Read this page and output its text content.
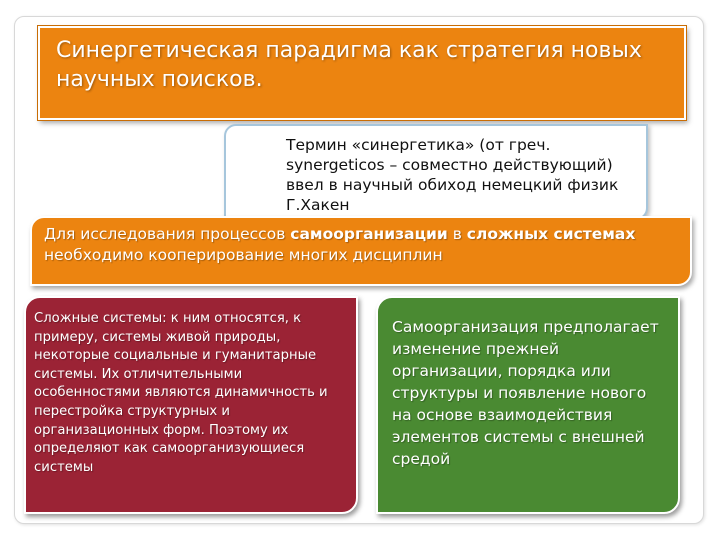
Синергетическая парадигма как стратегия новых научных поисков.

Термин «синергетика» (от греч. synergeticos – совместно действующий) ввел в научный обиход немецкий физик Г.Хакен

Для исследования процессов самоорганизации в сложных системах необходимо кооперирование многих дисциплин

Сложные системы: к ним относятся, к примеру, системы живой природы, некоторые социальные и гуманитарные системы. Их отличительными особенностями являются динамичность и перестройка структурных и организационных форм. Поэтому их определяют как самоорганизующиеся системы

Самоорганизация предполагает изменение прежней организации, порядка или структуры и появление нового на основе взаимодействия элементов системы с внешней средой
